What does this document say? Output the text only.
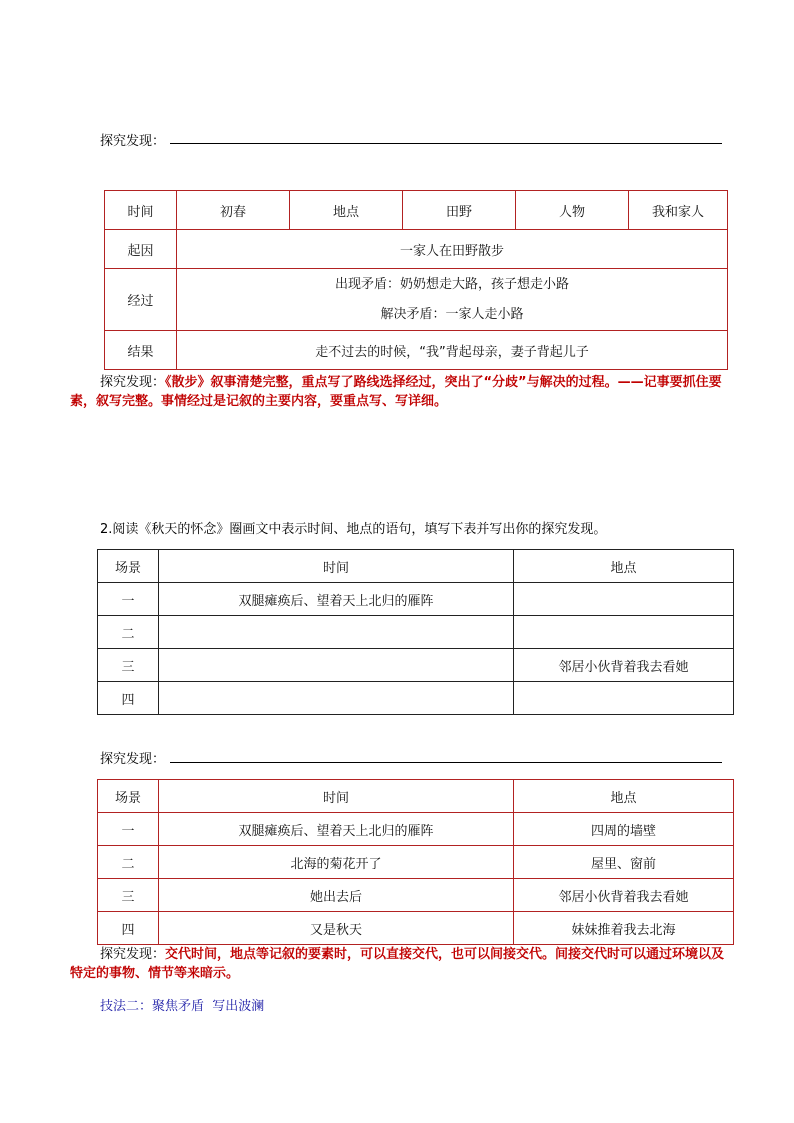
探究发现：
时间	初春	地点	田野	人物	我和家人
起因	一家人在田野散步				
经过	出现矛盾：奶奶想走大路，孩子想走小路
解决矛盾：一家人走小路				

结果	走不过去的时候，“我”背起母亲，妻子背起儿子				
探究发现：《散步》叙事清楚完整，重点写了路线选择经过，突出了“分歧”与解决的过程。——记事要抓住要素，叙写完整。事情经过是记叙的主要内容，要重点写、写详细。
2.阅读《秋天的怀念》圈画文中表示时间、地点的语句，填写下表并写出你的探究发现。
场景	时间	地点
一	双腿瘫痪后、望着天上北归的雁阵	
二		
三		邻居小伙背着我去看她
四		
探究发现：
场景	时间	地点
一	双腿瘫痪后、望着天上北归的雁阵	四周的墙壁
二	北海的菊花开了	屋里、窗前
三	她出去后	邻居小伙背着我去看她
四	又是秋天	妹妹推着我去北海
探究发现：交代时间，地点等记叙的要素时，可以直接交代，也可以间接交代。间接交代时可以通过环境以及特定的事物、情节等来暗示。
技法二：聚焦矛盾  写出波澜
